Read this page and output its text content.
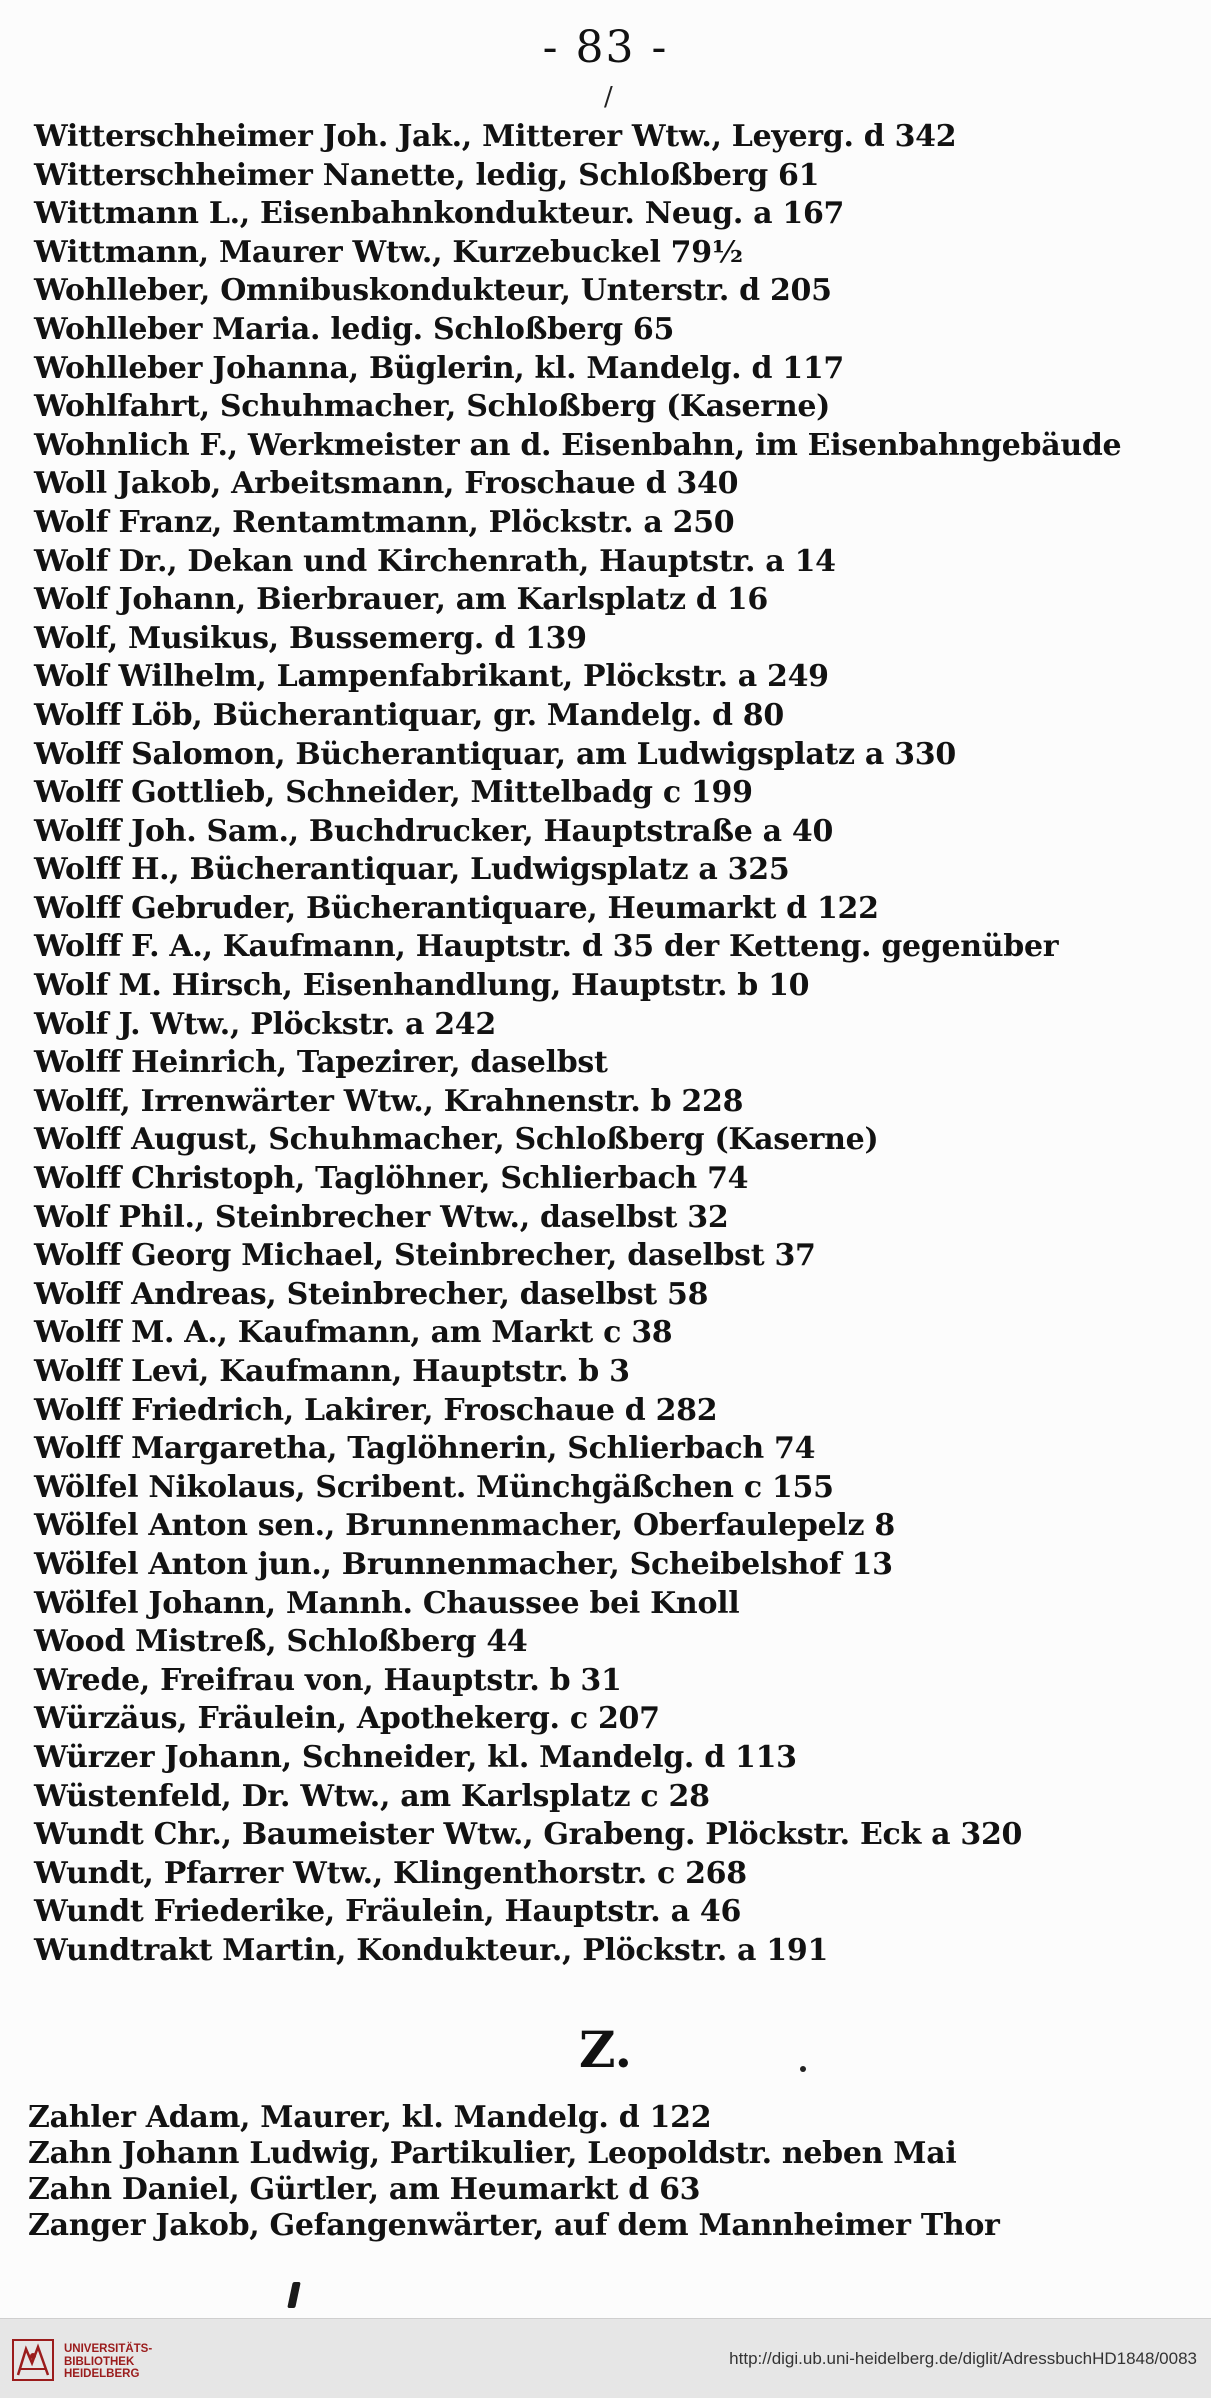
- 83 -
/
Witterschheimer Joh. Jak., Mitterer Wtw., Leyerg. d 342
Witterschheimer Nanette, ledig, Schloßberg 61
Wittmann L., Eisenbahnkondukteur. Neug. a 167
Wittmann, Maurer Wtw., Kurzebuckel 79½
Wohlleber, Omnibuskondukteur, Unterstr. d 205
Wohlleber Maria. ledig. Schloßberg 65
Wohlleber Johanna, Büglerin, kl. Mandelg. d 117
Wohlfahrt, Schuhmacher, Schloßberg (Kaserne)
Wohnlich F., Werkmeister an d. Eisenbahn, im Eisenbahngebäude
Woll Jakob, Arbeitsmann, Froschaue d 340
Wolf Franz, Rentamtmann, Plöckstr. a 250
Wolf Dr., Dekan und Kirchenrath, Hauptstr. a 14
Wolf Johann, Bierbrauer, am Karlsplatz d 16
Wolf, Musikus, Bussemerg. d 139
Wolf Wilhelm, Lampenfabrikant, Plöckstr. a 249
Wolff Löb, Bücherantiquar, gr. Mandelg. d 80
Wolff Salomon, Bücherantiquar, am Ludwigsplatz a 330
Wolff Gottlieb, Schneider, Mittelbadg c 199
Wolff Joh. Sam., Buchdrucker, Hauptstraße a 40
Wolff H., Bücherantiquar, Ludwigsplatz a 325
Wolff Gebruder, Bücherantiquare, Heumarkt d 122
Wolff F. A., Kaufmann, Hauptstr. d 35 der Ketteng. gegenüber
Wolf M. Hirsch, Eisenhandlung, Hauptstr. b 10
Wolf J. Wtw., Plöckstr. a 242
Wolff Heinrich, Tapezirer, daselbst
Wolff, Irrenwärter Wtw., Krahnenstr. b 228
Wolff August, Schuhmacher, Schloßberg (Kaserne)
Wolff Christoph, Taglöhner, Schlierbach 74
Wolf Phil., Steinbrecher Wtw., daselbst 32
Wolff Georg Michael, Steinbrecher, daselbst 37
Wolff Andreas, Steinbrecher, daselbst 58
Wolff M. A., Kaufmann, am Markt c 38
Wolff Levi, Kaufmann, Hauptstr. b 3
Wolff Friedrich, Lakirer, Froschaue d 282
Wolff Margaretha, Taglöhnerin, Schlierbach 74
Wölfel Nikolaus, Scribent. Münchgäßchen c 155
Wölfel Anton sen., Brunnenmacher, Oberfaulepelz 8
Wölfel Anton jun., Brunnenmacher, Scheibelshof 13
Wölfel Johann, Mannh. Chaussee bei Knoll
Wood Mistreß, Schloßberg 44
Wrede, Freifrau von, Hauptstr. b 31
Würzäus, Fräulein, Apothekerg. c 207
Würzer Johann, Schneider, kl. Mandelg. d 113
Wüstenfeld, Dr. Wtw., am Karlsplatz c 28
Wundt Chr., Baumeister Wtw., Grabeng. Plöckstr. Eck a 320
Wundt, Pfarrer Wtw., Klingenthorstr. c 268
Wundt Friederike, Fräulein, Hauptstr. a 46
Wundtrakt Martin, Kondukteur., Plöckstr. a 191
Z.
Zahler Adam, Maurer, kl. Mandelg. d 122
Zahn Johann Ludwig, Partikulier, Leopoldstr. neben Mai
Zahn Daniel, Gürtler, am Heumarkt d 63
Zanger Jakob, Gefangenwärter, auf dem Mannheimer Thor
UNIVERSITÄTS-
BIBLIOTHEK
HEIDELBERG
http://digi.ub.uni-heidelberg.de/diglit/AdressbuchHD1848/0083
